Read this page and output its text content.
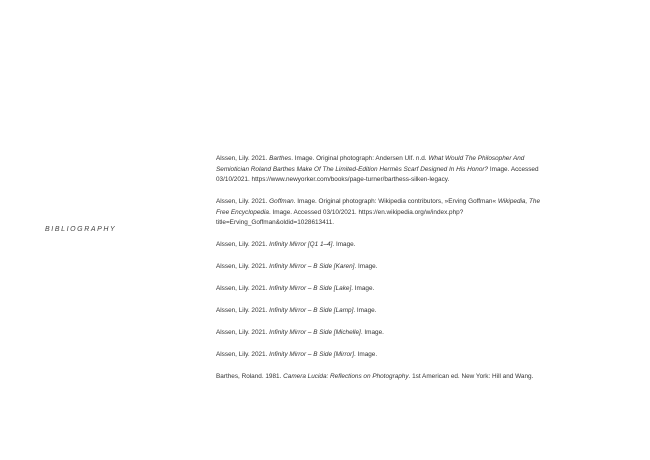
BIBLIOGRAPHY

Alssen, Lily. 2021. Barthes. Image. Original photograph: Andersen Ulf. n.d. What Would The Philosopher And Semiotician Roland Barthes Make Of The Limited-Edition Hermès Scarf Designed In His Honor? Image. Accessed 03/10/2021. https://www.newyorker.com/books/page-turner/barthess-silken-legacy.

Alssen, Lily. 2021. Goffman. Image. Original photograph: Wikipedia contributors, »Erving Goffman« Wikipedia, The Free Encyclopedia. Image. Accessed 03/10/2021. https://en.wikipedia.org/w/index.php?title=Erving_Goffman&oldid=1028613411.

Alssen, Lily. 2021. Infinity Mirror [Q1 1–4]. Image.

Alssen, Lily. 2021. Infinity Mirror – B Side [Karen]. Image.

Alssen, Lily. 2021. Infinity Mirror – B Side [Lake]. Image.

Alssen, Lily. 2021. Infinity Mirror – B Side [Lamp]. Image.

Alssen, Lily. 2021. Infinity Mirror – B Side [Michelle]. Image.

Alssen, Lily. 2021. Infinity Mirror – B Side [Mirror]. Image.

Barthes, Roland. 1981. Camera Lucida: Reflections on Photography. 1st American ed. New York: Hill and Wang.
